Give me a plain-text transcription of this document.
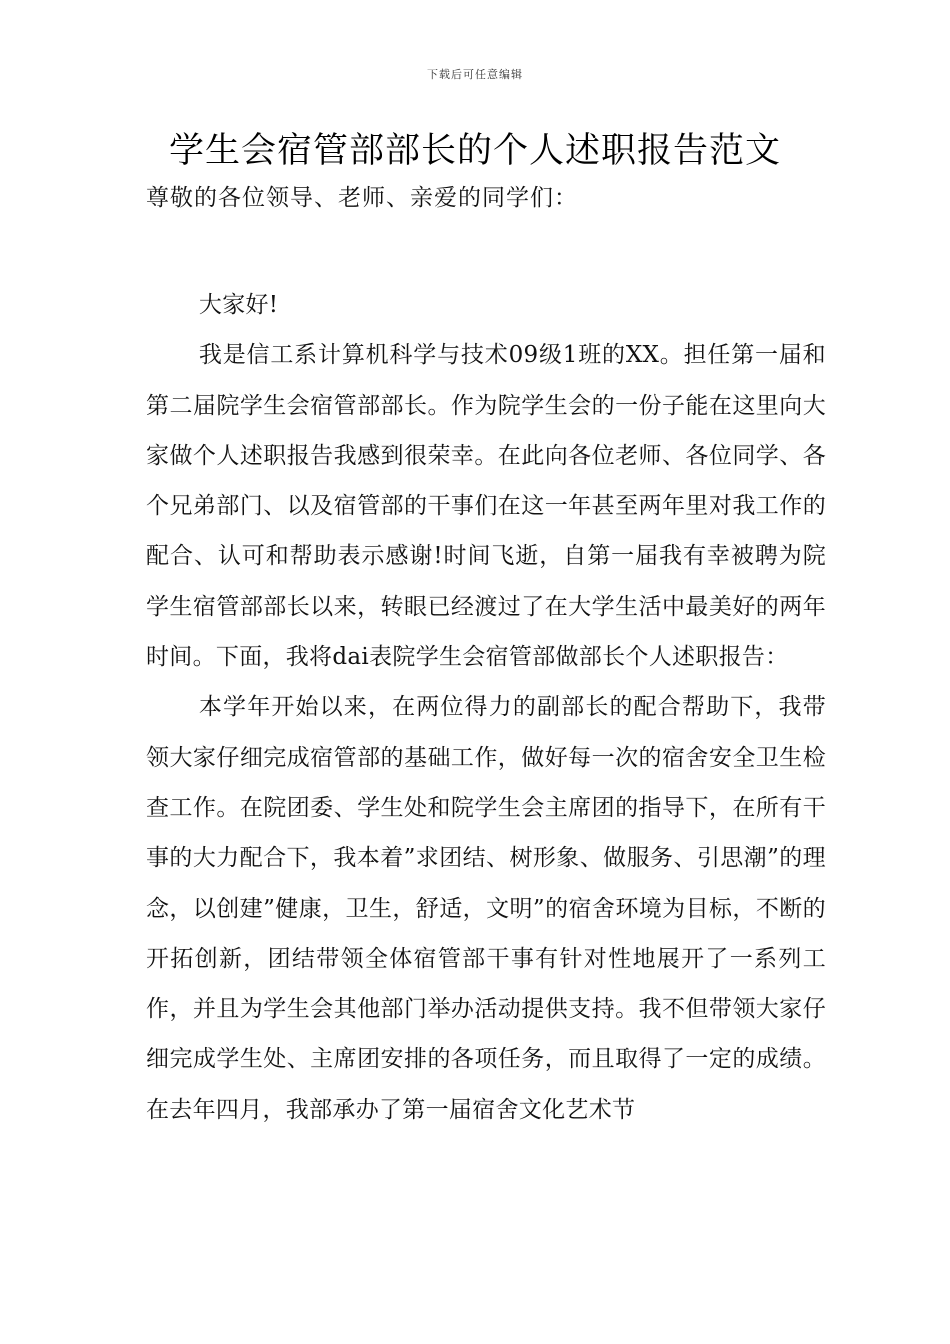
下载后可任意编辑
学生会宿管部部长的个人述职报告范文
尊敬的各位领导、老师、亲爱的同学们：

大家好!

我是信工系计算机科学与技术09级1班的XX。担任第一届和第二届院学生会宿管部部长。作为院学生会的一份子能在这里向大家做个人述职报告我感到很荣幸。在此向各位老师、各位同学、各个兄弟部门、以及宿管部的干事们在这一年甚至两年里对我工作的配合、认可和帮助表示感谢!时间飞逝，自第一届我有幸被聘为院学生宿管部部长以来，转眼已经渡过了在大学生活中最美好的两年时间。下面，我将dai表院学生会宿管部做部长个人述职报告：

本学年开始以来，在两位得力的副部长的配合帮助下，我带领大家仔细完成宿管部的基础工作，做好每一次的宿舍安全卫生检查工作。在院团委、学生处和院学生会主席团的指导下，在所有干事的大力配合下，我本着”求团结、树形象、做服务、引思潮”的理念，以创建”健康，卫生，舒适，文明”的宿舍环境为目标，不断的开拓创新，团结带领全体宿管部干事有针对性地展开了一系列工作，并且为学生会其他部门举办活动提供支持。我不但带领大家仔细完成学生处、主席团安排的各项任务，而且取得了一定的成绩。在去年四月，我部承办了第一届宿舍文化艺术节
